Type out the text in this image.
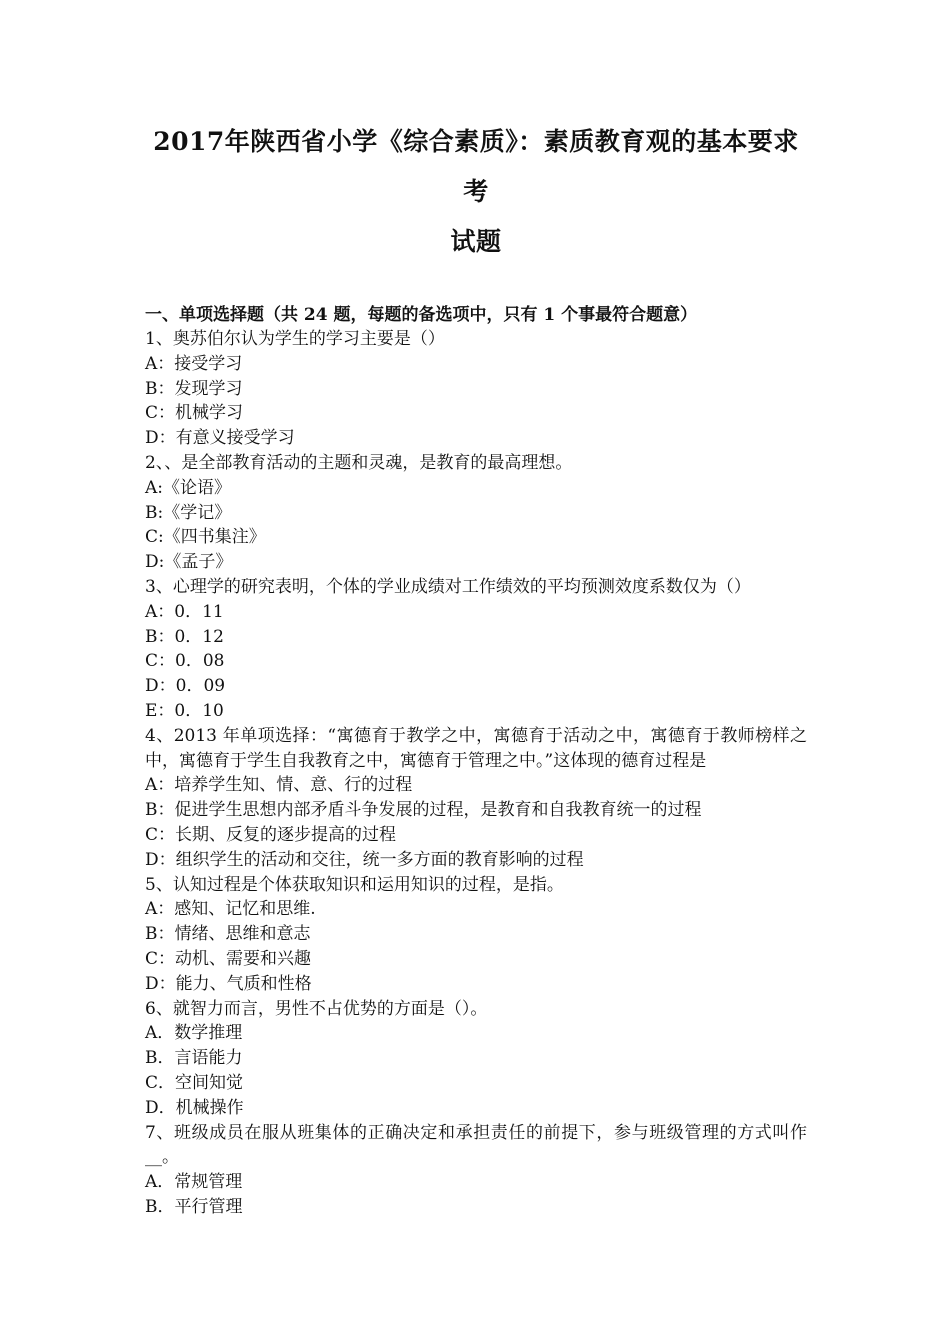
2017年陕西省小学《综合素质》：素质教育观的基本要求考
试题
一、单项选择题（共 24 题，每题的备选项中，只有 1 个事最符合题意）

1、奥苏伯尔认为学生的学习主要是（）

A：接受学习

B：发现学习

C：机械学习

D：有意义接受学习

2、、是全部教育活动的主题和灵魂，是教育的最高理想。

A:《论语》

B:《学记》

C:《四书集注》

D:《孟子》

3、心理学的研究表明，个体的学业成绩对工作绩效的平均预测效度系数仅为（）

A：0．11

B：0．12

C：0．08

D：0．09

E：0．10

4、2013 年单项选择：“寓德育于教学之中，寓德育于活动之中，寓德育于教师榜样之中，寓德育于学生自我教育之中，寓德育于管理之中。”这体现的德育过程是

A：培养学生知、情、意、行的过程

B：促进学生思想内部矛盾斗争发展的过程，是教育和自我教育统一的过程

C：长期、反复的逐步提高的过程

D：组织学生的活动和交往，统一多方面的教育影响的过程

5、认知过程是个体获取知识和运用知识的过程，是指。

A：感知、记忆和思维.

B：情绪、思维和意志

C：动机、需要和兴趣

D：能力、气质和性格

6、就智力而言，男性不占优势的方面是（）。

A．数学推理

B．言语能力

C．空间知觉

D．机械操作

7、班级成员在服从班集体的正确决定和承担责任的前提下，参与班级管理的方式叫作__。

A．常规管理

B．平行管理
